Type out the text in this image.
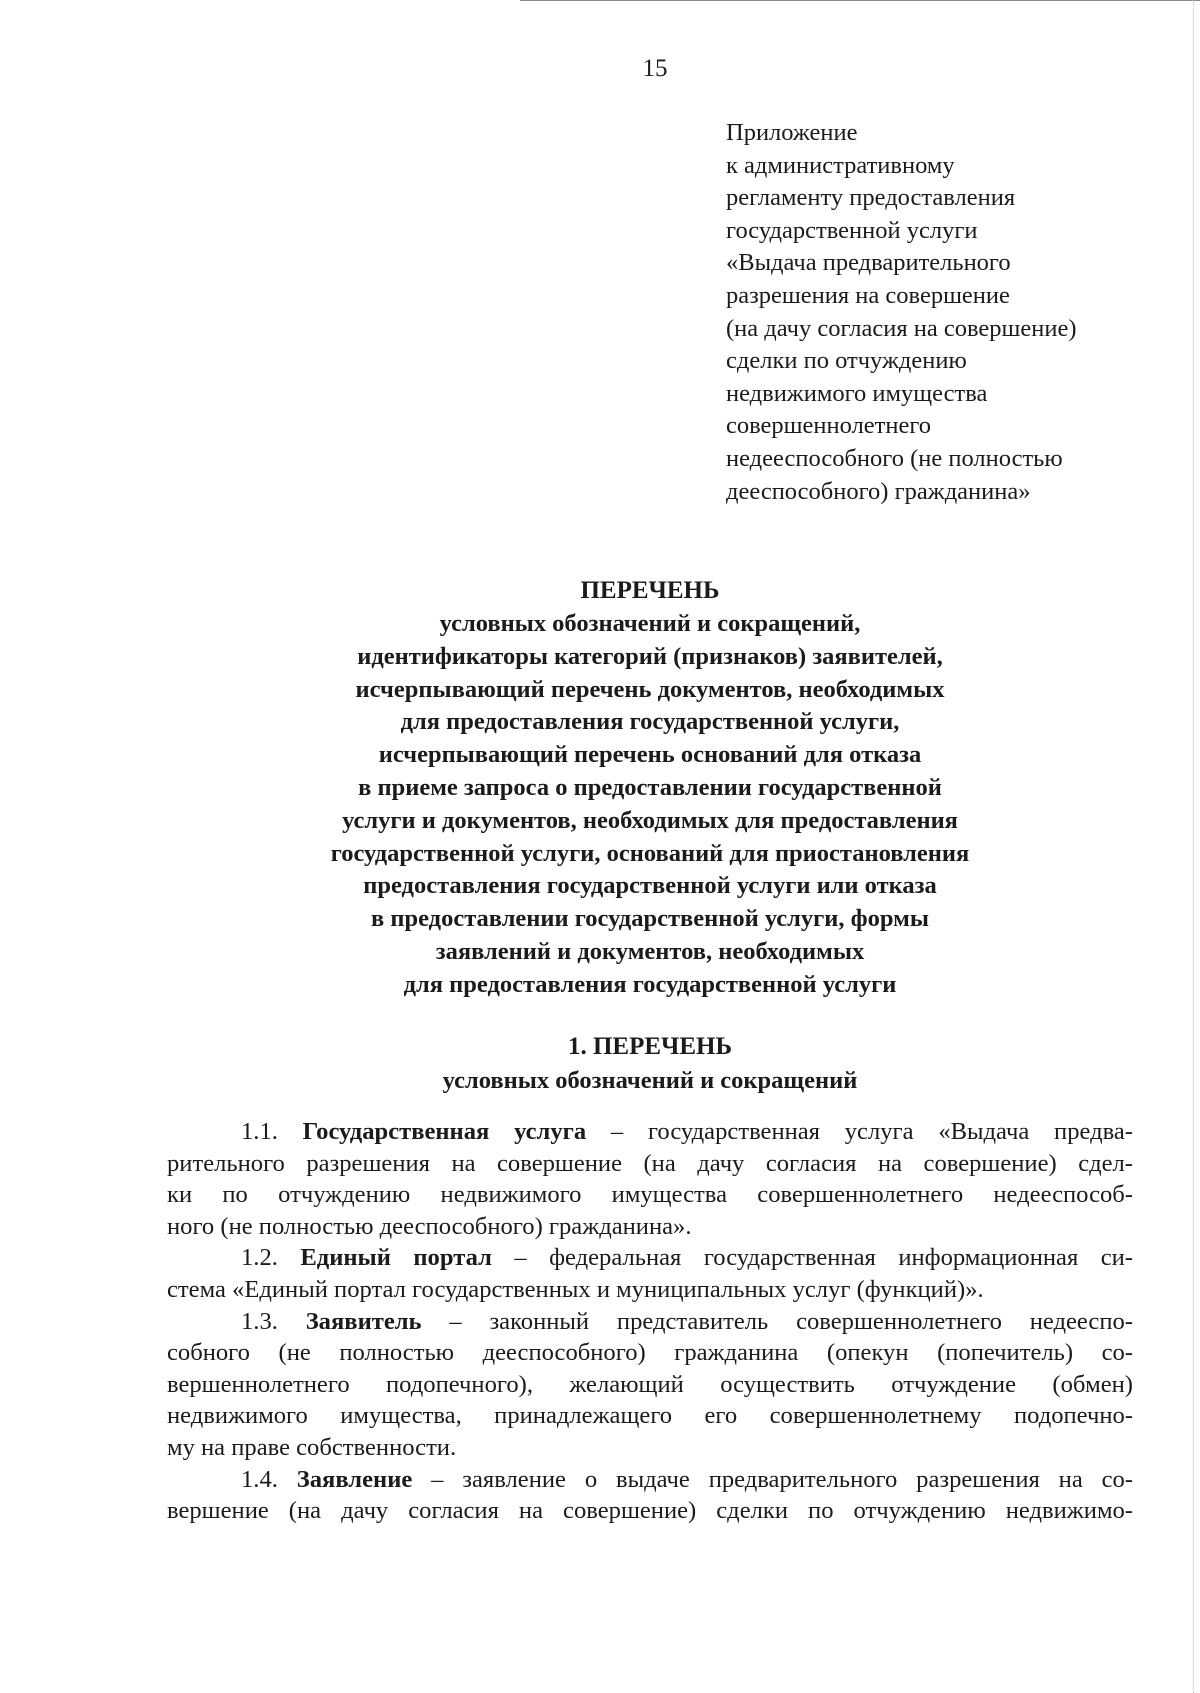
15
Приложение
к административному
регламенту предоставления
государственной услуги
«Выдача предварительного
разрешения на совершение
(на дачу согласия на совершение)
сделки по отчуждению
недвижимого имущества
совершеннолетнего
недееспособного (не полностью
дееспособного) гражданина»
ПЕРЕЧЕНЬ
условных обозначений и сокращений,
идентификаторы категорий (признаков) заявителей,
исчерпывающий перечень документов, необходимых
для предоставления государственной услуги,
исчерпывающий перечень оснований для отказа
в приеме запроса о предоставлении государственной
услуги и документов, необходимых для предоставления
государственной услуги, оснований для приостановления
предоставления государственной услуги или отказа
в предоставлении государственной услуги, формы
заявлений и документов, необходимых
для предоставления государственной услуги
1. ПЕРЕЧЕНЬ
условных обозначений и сокращений
1.1. Государственная услуга – государственная услуга «Выдача предва-
рительного разрешения на совершение (на дачу согласия на совершение) сдел-
ки по отчуждению недвижимого имущества совершеннолетнего недееспособ-
ного (не полностью дееспособного) гражданина».
1.2. Единый портал – федеральная государственная информационная си-
стема «Единый портал государственных и муниципальных услуг (функций)».
1.3. Заявитель – законный представитель совершеннолетнего недееспо-
собного (не полностью дееспособного) гражданина (опекун (попечитель) со-
вершеннолетнего подопечного), желающий осуществить отчуждение (обмен)
недвижимого имущества, принадлежащего его совершеннолетнему подопечно-
му на праве собственности.
1.4. Заявление – заявление о выдаче предварительного разрешения на со-
вершение (на дачу согласия на совершение) сделки по отчуждению недвижимо-
